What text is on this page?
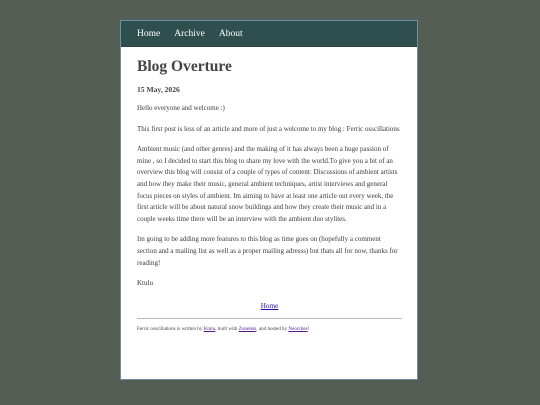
Home Archive About
Blog Overture
15 May, 2026

Hello everyone and welcome :)

This first post is less of an article and more of just a welcome to my blog : Ferric osscillations

Ambient music (and other genres) and the making of it has always been a huge passion of mine , so I decided to start this blog to share my love with the world.To give you a bit of an overview this blog will consist of a couple of types of content: Discussions of ambient artists and how they make their music, general ambient techniques, artist interviews and general focus pieces on styles of ambient. Im aiming to have at least one article out every week, the first article will be about natural snow buildings and how they create their music and in a couple weeks time there will be an interview with the ambient duo stylites.

Im going to be adding more features to this blog as time goes on (hopefully a comment section and a mailing list as well as a proper mailing adresss) but thats all for now, thanks for reading!

Ktulu

Home
Ferric osscillations is written by Ktulu, built with Zonelets, and hosted by Neocities!
